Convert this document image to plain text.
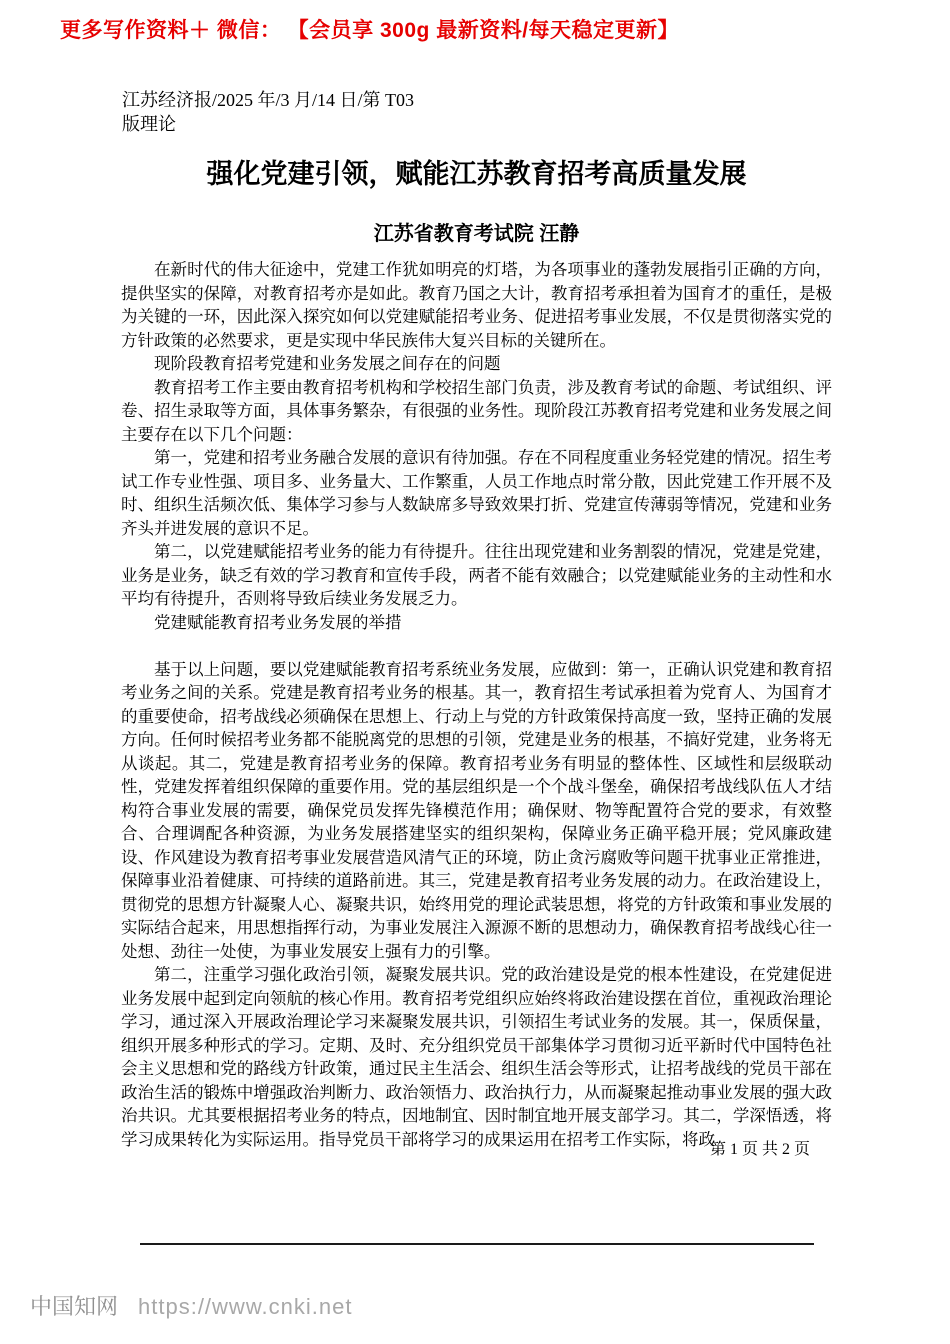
更多写作资料＋ 微信： 【会员享 300g 最新资料/每天稳定更新】
江苏经济报/2025 年/3 月/14 日/第 T03
版理论
强化党建引领，赋能江苏教育招考高质量发展
江苏省教育考试院 汪静

在新时代的伟大征途中，党建工作犹如明亮的灯塔，为各项事业的蓬勃发展指引正确的方向，提供坚实的保障，对教育招考亦是如此。教育乃国之大计，教育招考承担着为国育才的重任，是极为关键的一环，因此深入探究如何以党建赋能招考业务、促进招考事业发展，不仅是贯彻落实党的方针政策的必然要求，更是实现中华民族伟大复兴目标的关键所在。

现阶段教育招考党建和业务发展之间存在的问题

教育招考工作主要由教育招考机构和学校招生部门负责，涉及教育考试的命题、考试组织、评卷、招生录取等方面，具体事务繁杂，有很强的业务性。现阶段江苏教育招考党建和业务发展之间主要存在以下几个问题：

第一，党建和招考业务融合发展的意识有待加强。存在不同程度重业务轻党建的情况。招生考试工作专业性强、项目多、业务量大、工作繁重，人员工作地点时常分散，因此党建工作开展不及时、组织生活频次低、集体学习参与人数缺席多导致效果打折、党建宣传薄弱等情况，党建和业务齐头并进发展的意识不足。

第二，以党建赋能招考业务的能力有待提升。往往出现党建和业务割裂的情况，党建是党建，业务是业务，缺乏有效的学习教育和宣传手段，两者不能有效融合；以党建赋能业务的主动性和水平均有待提升，否则将导致后续业务发展乏力。

党建赋能教育招考业务发展的举措

基于以上问题，要以党建赋能教育招考系统业务发展，应做到：第一，正确认识党建和教育招考业务之间的关系。党建是教育招考业务的根基。其一，教育招生考试承担着为党育人、为国育才的重要使命，招考战线必须确保在思想上、行动上与党的方针政策保持高度一致，坚持正确的发展方向。任何时候招考业务都不能脱离党的思想的引领，党建是业务的根基，不搞好党建，业务将无从谈起。其二，党建是教育招考业务的保障。教育招考业务有明显的整体性、区域性和层级联动性，党建发挥着组织保障的重要作用。党的基层组织是一个个战斗堡垒，确保招考战线队伍人才结构符合事业发展的需要，确保党员发挥先锋模范作用；确保财、物等配置符合党的要求，有效整合、合理调配各种资源，为业务发展搭建坚实的组织架构，保障业务正确平稳开展；党风廉政建设、作风建设为教育招考事业发展营造风清气正的环境，防止贪污腐败等问题干扰事业正常推进，保障事业沿着健康、可持续的道路前进。其三，党建是教育招考业务发展的动力。在政治建设上，贯彻党的思想方针凝聚人心、凝聚共识，始终用党的理论武装思想，将党的方针政策和事业发展的实际结合起来，用思想指挥行动，为事业发展注入源源不断的思想动力，确保教育招考战线心往一处想、劲往一处使，为事业发展安上强有力的引擎。

第二，注重学习强化政治引领，凝聚发展共识。党的政治建设是党的根本性建设，在党建促进业务发展中起到定向领航的核心作用。教育招考党组织应始终将政治建设摆在首位，重视政治理论学习，通过深入开展政治理论学习来凝聚发展共识，引领招生考试业务的发展。其一，保质保量，组织开展多种形式的学习。定期、及时、充分组织党员干部集体学习贯彻习近平新时代中国特色社会主义思想和党的路线方针政策，通过民主生活会、组织生活会等形式，让招考战线的党员干部在政治生活的锻炼中增强政治判断力、政治领悟力、政治执行力，从而凝聚起推动事业发展的强大政治共识。尤其要根据招考业务的特点，因地制宜、因时制宜地开展支部学习。其二，学深悟透，将学习成果转化为实际运用。指导党员干部将学习的成果运用在招考工作实际，将政

第 1 页 共 2 页
中国知网 https://www.cnki.net
